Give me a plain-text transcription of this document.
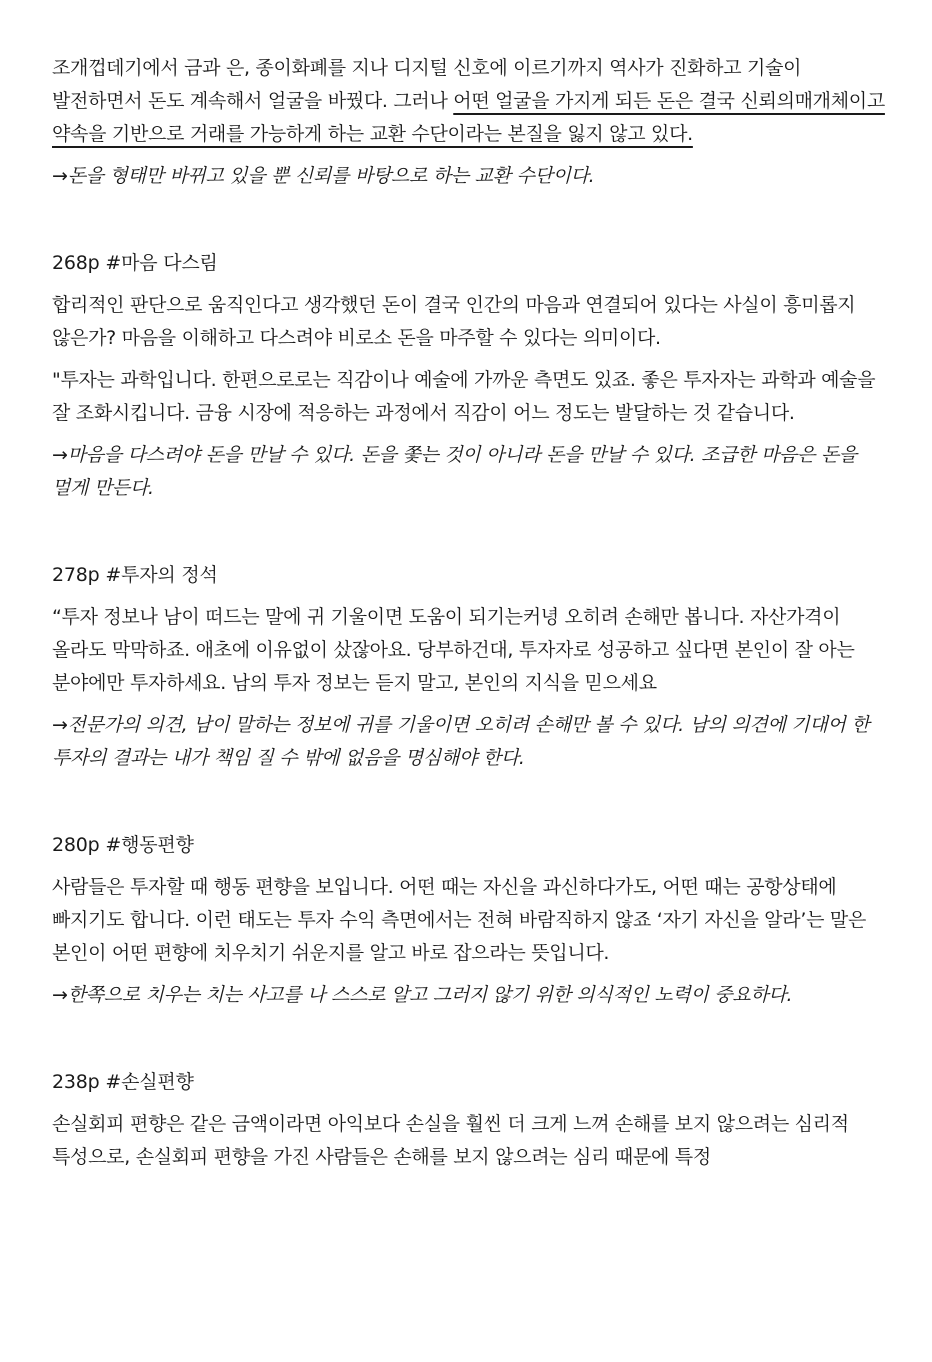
조개껍데기에서 금과 은, 종이화폐를 지나 디지털 신호에 이르기까지 역사가 진화하고 기술이 발전하면서 돈도 계속해서 얼굴을 바꿨다. 그러나 어떤 얼굴을 가지게 되든 돈은 결국 신뢰의매개체이고 약속을 기반으로 거래를 가능하게 하는 교환 수단이라는 본질을 잃지 않고 있다.

→돈을 형태만 바뀌고 있을 뿐 신뢰를 바탕으로 하는 교환 수단이다.

268p #마음 다스림

합리적인 판단으로 움직인다고 생각했던 돈이 결국 인간의 마음과 연결되어 있다는 사실이 흥미롭지 않은가? 마음을 이해하고 다스려야 비로소 돈을 마주할 수 있다는 의미이다.

"투자는 과학입니다. 한편으로로는 직감이나 예술에 가까운 측면도 있죠. 좋은 투자자는 과학과 예술을 잘 조화시킵니다. 금융 시장에 적응하는 과정에서 직감이 어느 정도는 발달하는 것 같습니다.

→마음을 다스려야 돈을 만날 수 있다. 돈을 쫓는 것이 아니라 돈을 만날 수 있다. 조급한 마음은 돈을 멀게 만든다.

278p #투자의 정석

“투자 정보나 남이 떠드는 말에 귀 기울이면 도움이 되기는커녕 오히려 손해만 봅니다. 자산가격이 올라도 막막하죠. 애초에 이유없이 샀잖아요. 당부하건대, 투자자로 성공하고 싶다면 본인이 잘 아는 분야에만 투자하세요. 남의 투자 정보는 듣지 말고, 본인의 지식을 믿으세요

→전문가의 의견, 남이 말하는 정보에 귀를 기울이면 오히려 손해만 볼 수 있다. 남의 의견에 기대어 한 투자의 결과는 내가 책임 질 수 밖에 없음을 명심해야 한다.

280p #행동편향

사람들은 투자할 때 행동 편향을 보입니다. 어떤 때는 자신을 과신하다가도, 어떤 때는 공항상태에 빠지기도 합니다. 이런 태도는 투자 수익 측면에서는 전혀 바람직하지 않죠 ‘자기 자신을 알라’는 말은 본인이 어떤 편향에 치우치기 쉬운지를 알고 바로 잡으라는 뜻입니다.

→한쪽으로 치우는 치는 사고를 나 스스로 알고 그러지 않기 위한 의식적인 노력이 중요하다.

238p #손실편향

손실회피 편향은 같은 금액이라면 아익보다 손실을 훨씬 더 크게 느껴 손해를 보지 않으려는 심리적 특성으로, 손실회피 편향을 가진 사람들은 손해를 보지 않으려는 심리 때문에 특정
